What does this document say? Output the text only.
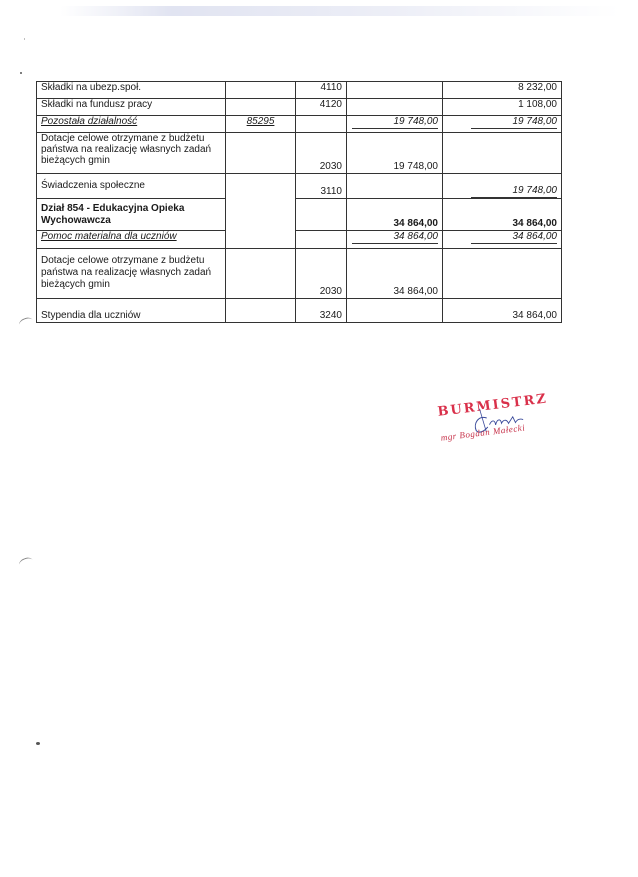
Składki na ubezp.społ.		4110		8 232,00
Składki na fundusz pracy		4120		1 108,00
Pozostała działalność	85295		19 748,00	19 748,00
Dotacje celowe otrzymane z budżetu państwa na realizację własnych zadań bieżących gmin		2030	19 748,00	
Świadczenia społeczne		3110		19 748,00
Dział 854 - Edukacyjna Opieka Wychowawcza			34 864,00	34 864,00
Pomoc materialna dla uczniów			34 864,00	34 864,00
Dotacje celowe otrzymane z budżetu państwa na realizację własnych zadań bieżących gmin		2030	34 864,00	
Stypendia dla uczniów		3240		34 864,00
BURMISTRZ
mgr Bogdan Małecki
